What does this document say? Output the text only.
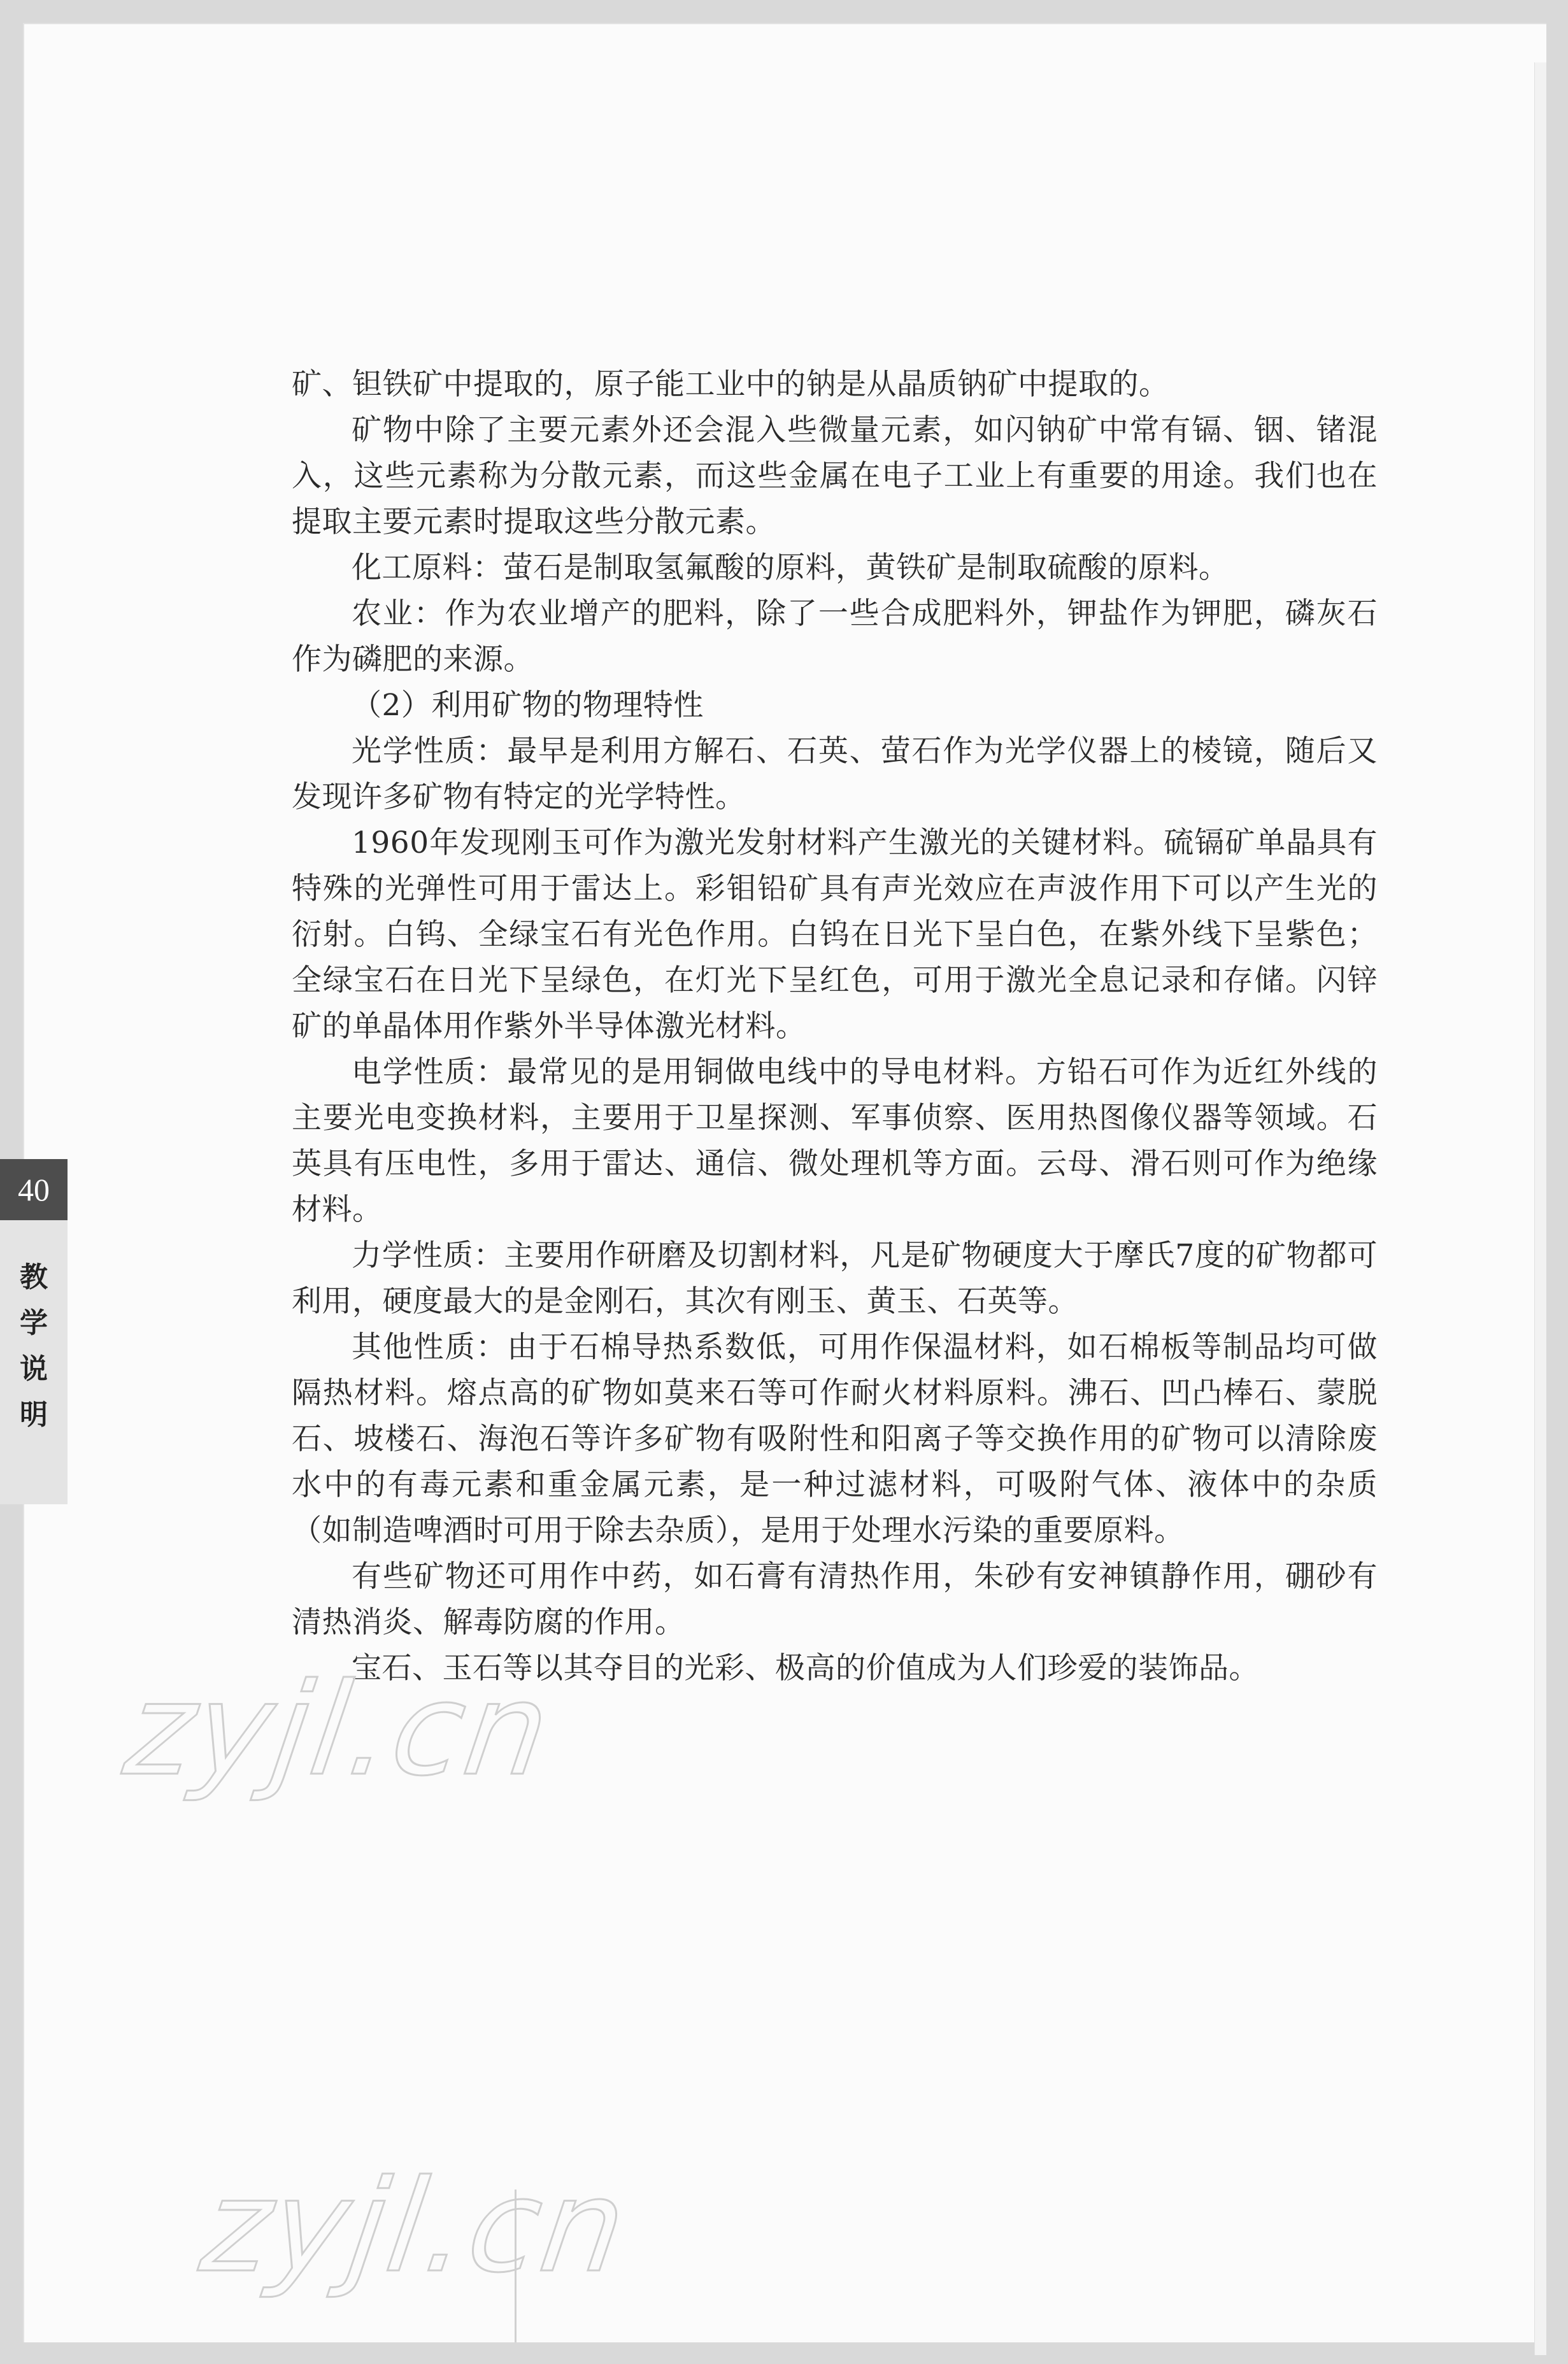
矿、钽铁矿中提取的，原子能工业中的钠是从晶质钠矿中提取的。

矿物中除了主要元素外还会混入些微量元素，如闪钠矿中常有镉、铟、锗混入，这些元素称为分散元素，而这些金属在电子工业上有重要的用途。我们也在提取主要元素时提取这些分散元素。

化工原料：萤石是制取氢氟酸的原料，黄铁矿是制取硫酸的原料。

农业：作为农业增产的肥料，除了一些合成肥料外，钾盐作为钾肥，磷灰石作为磷肥的来源。

（2）利用矿物的物理特性

光学性质：最早是利用方解石、石英、萤石作为光学仪器上的棱镜，随后又发现许多矿物有特定的光学特性。

1960年发现刚玉可作为激光发射材料产生激光的关键材料。硫镉矿单晶具有特殊的光弹性可用于雷达上。彩钼铅矿具有声光效应在声波作用下可以产生光的衍射。白钨、全绿宝石有光色作用。白钨在日光下呈白色，在紫外线下呈紫色；全绿宝石在日光下呈绿色，在灯光下呈红色，可用于激光全息记录和存储。闪锌矿的单晶体用作紫外半导体激光材料。

电学性质：最常见的是用铜做电线中的导电材料。方铅石可作为近红外线的主要光电变换材料，主要用于卫星探测、军事侦察、医用热图像仪器等领域。石英具有压电性，多用于雷达、通信、微处理机等方面。云母、滑石则可作为绝缘材料。

力学性质：主要用作研磨及切割材料，凡是矿物硬度大于摩氏7度的矿物都可利用，硬度最大的是金刚石，其次有刚玉、黄玉、石英等。

其他性质：由于石棉导热系数低，可用作保温材料，如石棉板等制品均可做隔热材料。熔点高的矿物如莫来石等可作耐火材料原料。沸石、凹凸棒石、蒙脱石、坡楼石、海泡石等许多矿物有吸附性和阳离子等交换作用的矿物可以清除废水中的有毒元素和重金属元素，是一种过滤材料，可吸附气体、液体中的杂质（如制造啤酒时可用于除去杂质），是用于处理水污染的重要原料。

有些矿物还可用作中药，如石膏有清热作用，朱砂有安神镇静作用，硼砂有清热消炎、解毒防腐的作用。

宝石、玉石等以其夺目的光彩、极高的价值成为人们珍爱的装饰品。

40
教
学
说
明
zyjl.cn
zyjl.cn
